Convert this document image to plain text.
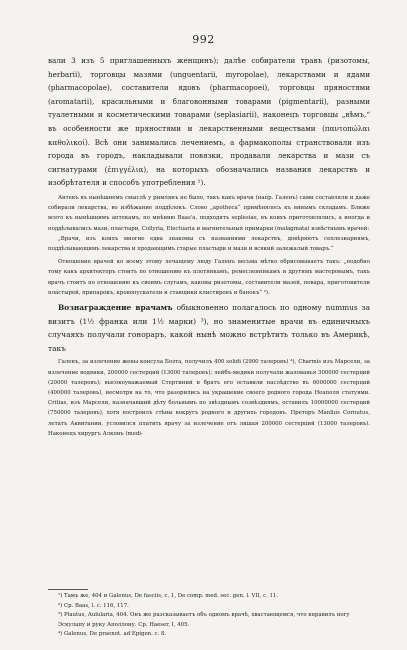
992

вали 3 изъ 5 приглашенныхъ женщинъ); далѣе собиратели травъ (ризотомы, herbarii), торговцы мазями (unguentarii, myropolae), лекарствами и ядами (pharmacopolae), составители ядовъ (pharmacopoei), торговцы пряностями (aromatarii), красильными и благовонными товарами (pigmentarii), разными туалетными и косметическими товарами (seplasiarii), наконецъ торговцы „вѣмъ,“ въ особенности же пряностями и лекарственными веществами (παντοπώλαι καθολικοί). Всѣ они занимались лечениемъ, а фармакополы странствовали изъ города въ городъ, накладывали повязки, продавали лекарства и мази съ сигнатурами (ἐπιγγέλια), на которыхъ обозначались названия лекарствъ и изобрѣтателя и способъ употребления ¹).

Антекъ въ нынѣшнемъ смыслѣ у римлянъ не было, такъ какъ врачи (напр. Галенъ) сами составляли и даже собирали лекарства, во избѣжание поддѣлокъ. Слово „apotheca“ примѣнялось къ винымъ складамъ. Ближе всего къ нынѣшнимъ аптекамъ, по мнѣнию Вааѕ'а, подходятъ seplesiae, въ коихъ приготовлялись, а иногда и поддѣлывались мази, пластыри, Collyria, Electuaria и магнительныя примарки (malagmata) извѣстнымъ врачей:

„Врачи, изъ коихъ многие едва знакомы съ названиями лекарствъ, довѣряютъ сеплезиариямъ, поддѣлывающимъ лекарства и продающимъ старые пластыри и мази и всякий залежалый товаръ.“

Отношение врачей ко всему этому лечащему люду Галенъ весьма мѣтко обрисовываетъ такъ: „подобно тому какъ архитекторъ стоитъ по отношению къ плотникамъ, ремесленникамъ и другимъ мастеровымъ, такъ врачъ стоитъ по отношению къ своимъ слугамъ, каковы ризотомы, составители мазей, повара, приготовители пластырей, припарокъ, кровопускатели и ставщики клистировъ и банокъ“ ²).

Вознаграждение врачамъ обыкновенно полагалось по одному nummus за визитъ (1½ франка или 1½ марки) ³), но знаменитые врачи въ единичныхъ случаяхъ получали гонораръ, какой нынѣ можно встрѣтить только въ Америкѣ, такъ

Галенъ, за излечение жены консула Боэта, получилъ 400 solidi (2900 талеровъ) ⁴), Charmis изъ Марсели, за излечение водянки, 200000 сестерций (13000 талеровъ); лейбъ-медики получали жалованья 300000 сестерций (20000 талеровъ); высокоуважаемый Стертиний и братъ его оставили наслѣдство въ 6000000 сестерций (400000 талеровъ), несмотря на то, что разорились на украшение своего родного города Неаполя статуями. Critias, изъ Марсели, назначавший дѣту больнымъ по звѣзднымъ созвѣздиямъ, оставилъ 10000000 сестерций (750000 талеровъ), хотя построилъ стѣны вокругъ родного и другихъ городовъ. Преторъ Manlius Cornutus, летатъ Аквитании, условился платить врачу за излечение отъ лишая 200000 сестерций (13000 талеровъ). Наконецъ хирургъ Алконъ (medi-

¹) Тамъ же, 404 и Galenus, De fasciis, c. 1, De comp. med. sec. gen. l. VII, c. 11.
²) Ср. Baas, l. c. 116, 117.
³) Plautus, Aulularia, 404. Онъ же разсказываетъ объ одномъ врачѣ, хвастающемся, что вправилъ ногу Эскулапу и руку Аполлону. Ср. Haeser, I, 405.
⁴) Galenus, De praenot. ad Epigen. c. 8.
